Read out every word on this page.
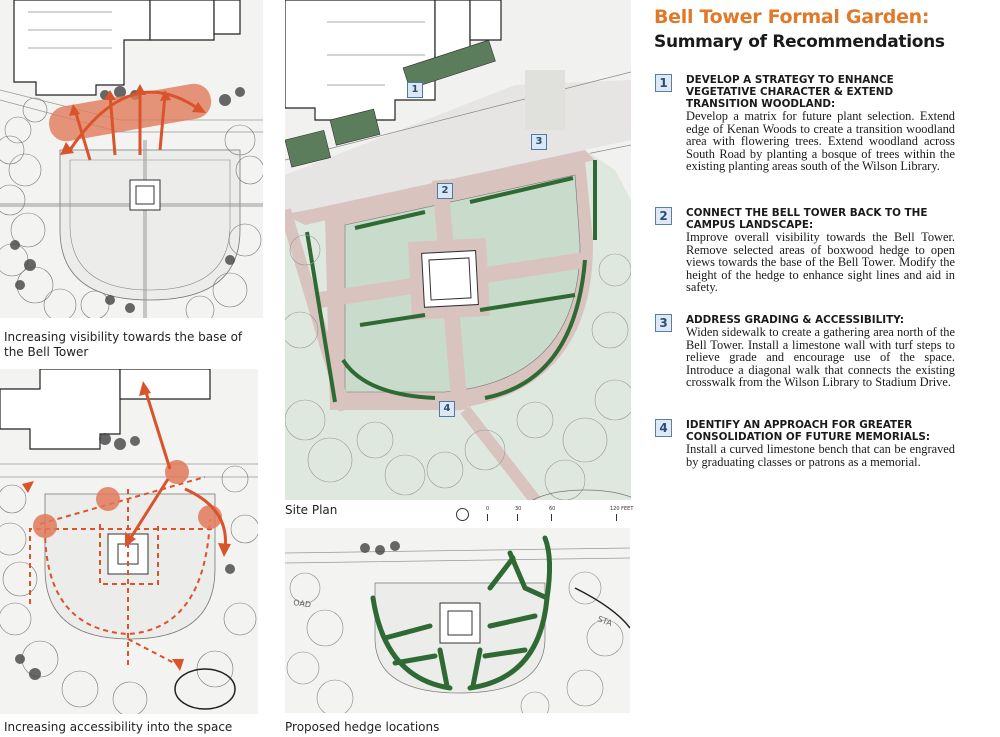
Increasing visibility towards the base of the Bell Tower
Increasing accessibility into the space
1
2
3
4
Site Plan	0	30	60	120 FEET
OAD
STA
Proposed hedge locations
Bell Tower Formal Garden:
Summary of Recommendations
1	DEVELOP A STRATEGY TO ENHANCE VEGETATIVE CHARACTER & EXTEND TRANSITION WOODLAND:
Develop a matrix for future plant selection. Extend edge of Kenan Woods to create a transition woodland area with flowering trees. Extend woodland across South Road by planting a bosque of trees within the existing planting areas south of the Wilson Library.
2	CONNECT THE BELL TOWER BACK TO THE CAMPUS LANDSCAPE:
Improve overall visibility towards the Bell Tower. Remove selected areas of boxwood hedge to open views towards the base of the Bell Tower. Modify the height of the hedge to enhance sight lines and aid in safety.
3	ADDRESS GRADING & ACCESSIBILITY:
Widen sidewalk to create a gathering area north of the Bell Tower. Install a limestone wall with turf steps to relieve grade and encourage use of the space. Introduce a diagonal walk that connects the existing crosswalk from the Wilson Library to Stadium Drive.
4	IDENTIFY AN APPROACH FOR GREATER CONSOLIDATION OF FUTURE MEMORIALS:
Install a curved limestone bench that can be engraved by graduating classes or patrons as a memorial.
